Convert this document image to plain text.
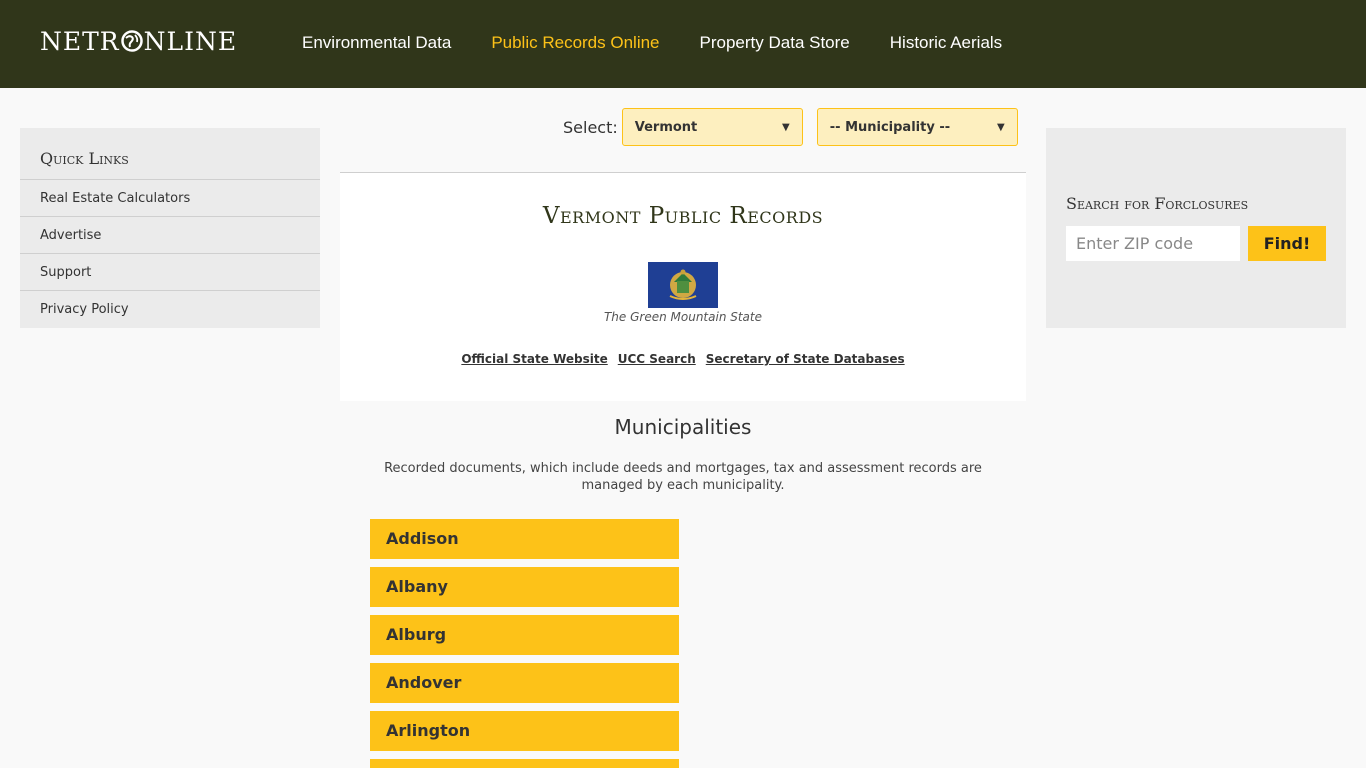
NETR NLINE	Environmental Data Public Records Online Property Data Store Historic Aerials
Quick Links
Real Estate Calculators
Advertise
Support
Privacy Policy
Select: Vermont	▼	-- Municipality --	▼
Vermont Public Records
The Green Mountain State
Official State Website UCC Search Secretary of State Databases
Municipalities
Recorded documents, which include deeds and mortgages, tax and assessment records are managed by each municipality.
Addison
Albany
Alburg
Andover
Arlington
Search for Forclosures
Enter ZIP code
Find!
